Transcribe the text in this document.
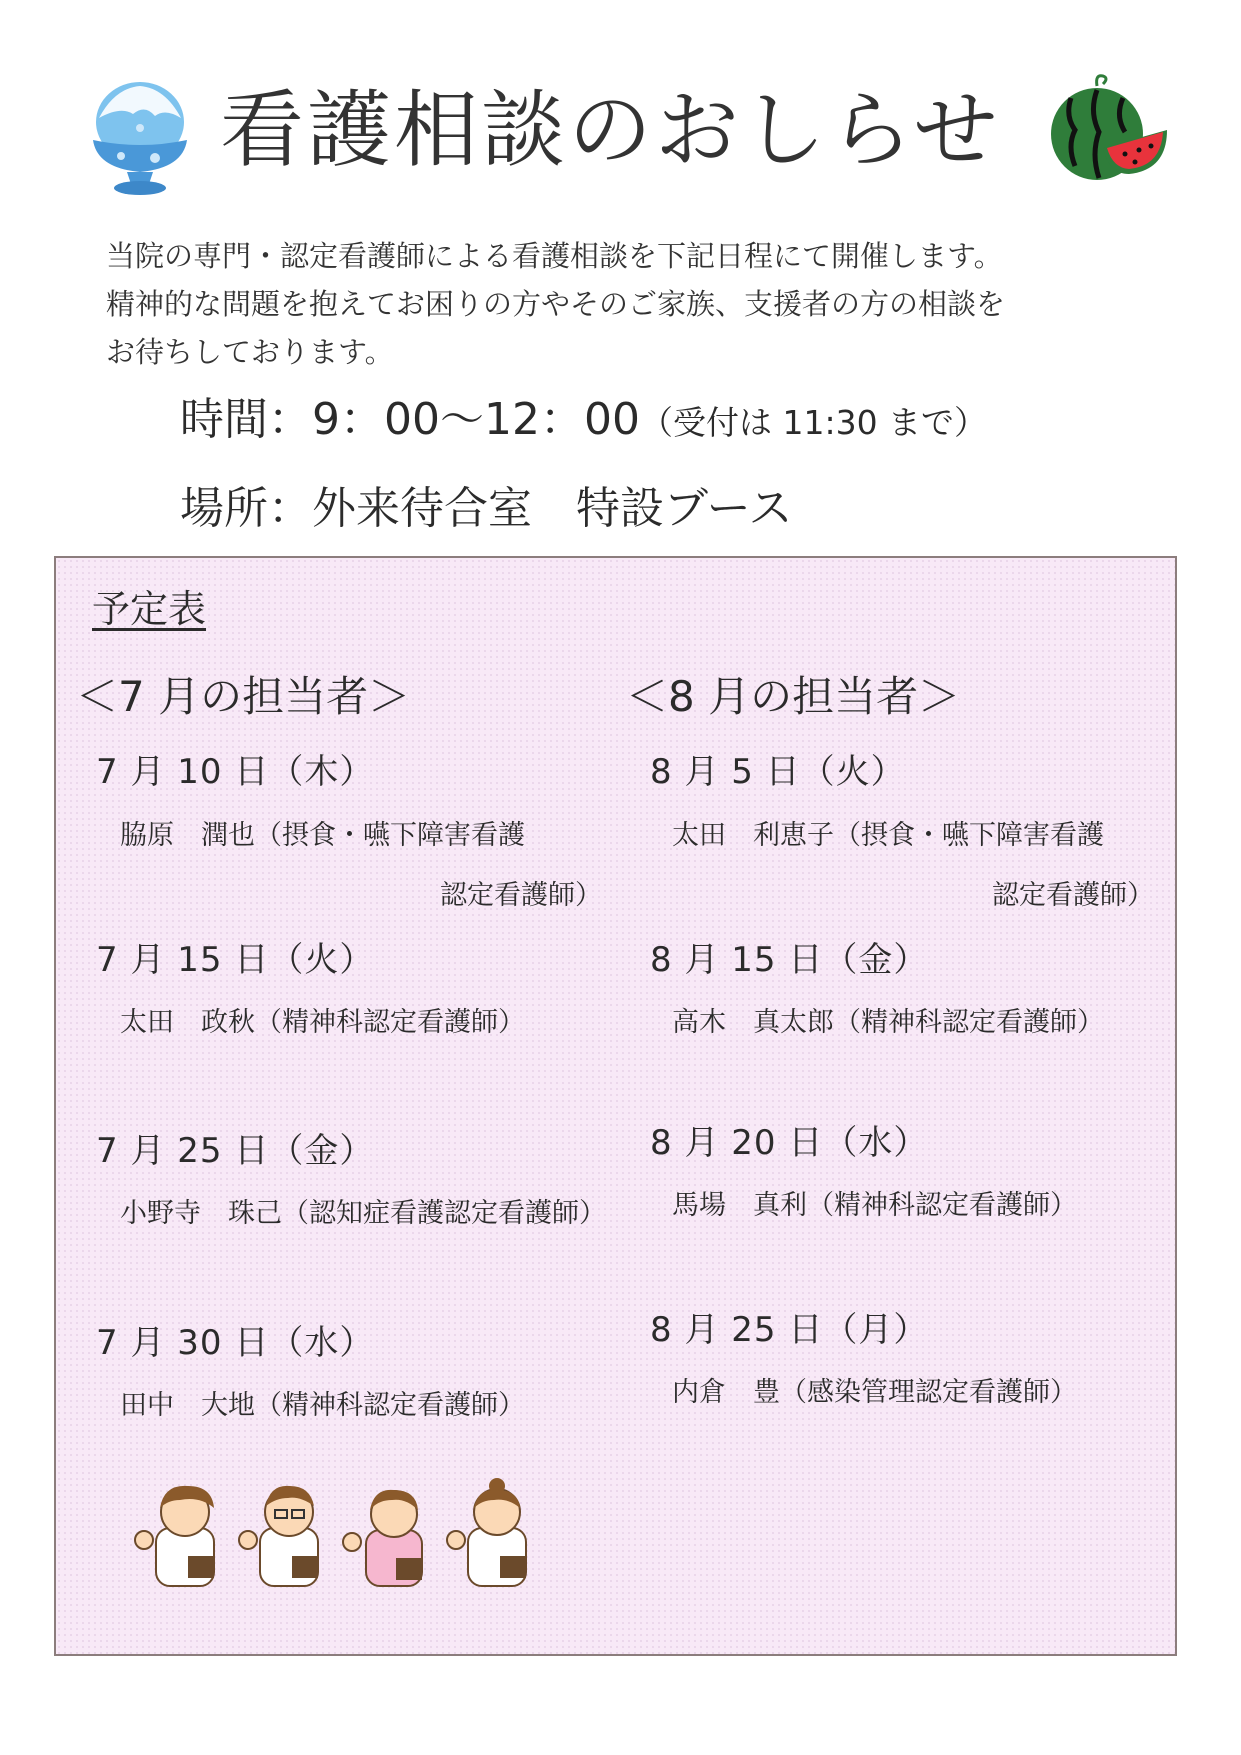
看護相談のおしらせ
当院の専門・認定看護師による看護相談を下記日程にて開催します。
精神的な問題を抱えてお困りの方やそのご家族、支援者の方の相談を
お待ちしております。
時間：9：00～12：00（受付は 11:30 まで）
場所：外来待合室　特設ブース
予定表
＜7 月の担当者＞	＜8 月の担当者＞
7 月 10 日（木）
脇原　潤也（摂食・嚥下障害看護
認定看護師）
7 月 15 日（火）
太田　政秋（精神科認定看護師）
7 月 25 日（金）
小野寺　珠己（認知症看護認定看護師）
7 月 30 日（水）
田中　大地（精神科認定看護師）
8 月 5 日（火）
太田　利恵子（摂食・嚥下障害看護
認定看護師）
8 月 15 日（金）
高木　真太郎（精神科認定看護師）
8 月 20 日（水）
馬場　真利（精神科認定看護師）
8 月 25 日（月）
内倉　豊（感染管理認定看護師）
